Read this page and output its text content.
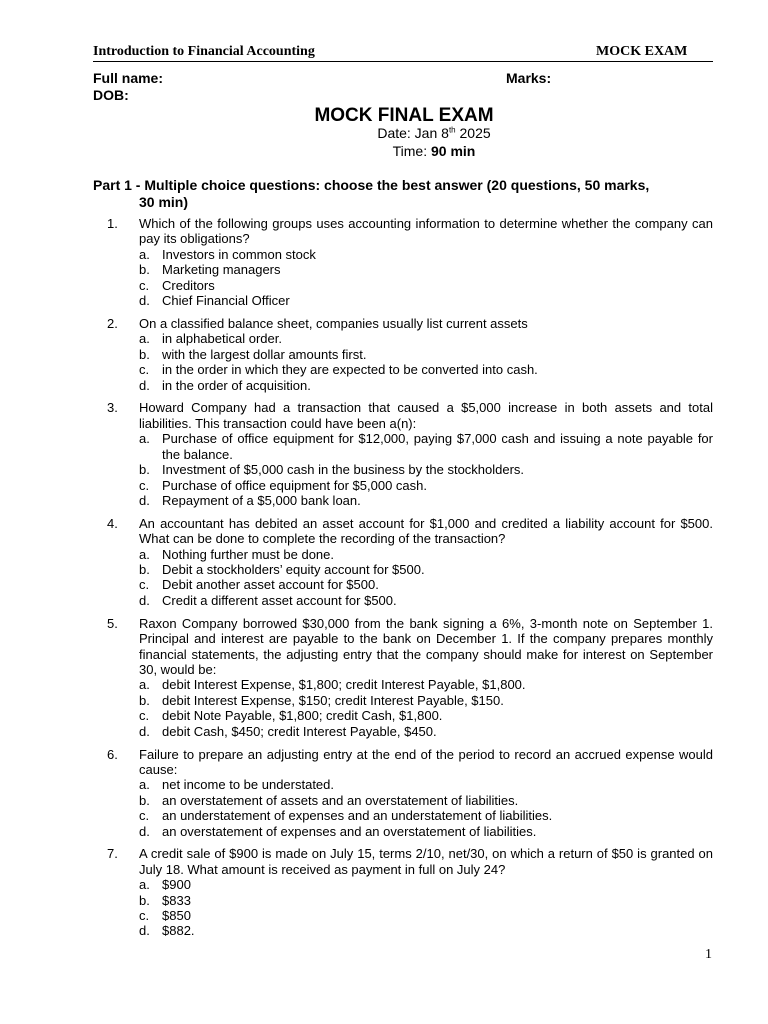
Introduction to Financial Accounting	MOCK EXAM
Full name:	Marks:
DOB:
MOCK FINAL EXAM
Date: Jan 8th 2025
Time: 90 min
Part 1 - Multiple choice questions: choose the best answer (20 questions, 50 marks,
30 min)
1. Which of the following groups uses accounting information to determine whether the company can pay its obligations?
a. Investors in common stock
b. Marketing managers
c. Creditors
d. Chief Financial Officer
2. On a classified balance sheet, companies usually list current assets
a. in alphabetical order.
b. with the largest dollar amounts first.
c. in the order in which they are expected to be converted into cash.
d. in the order of acquisition.
3. Howard Company had a transaction that caused a $5,000 increase in both assets and total liabilities. This transaction could have been a(n):
a. Purchase of office equipment for $12,000, paying $7,000 cash and issuing a note payable for the balance.
b. Investment of $5,000 cash in the business by the stockholders.
c. Purchase of office equipment for $5,000 cash.
d. Repayment of a $5,000 bank loan.
4. An accountant has debited an asset account for $1,000 and credited a liability account for $500. What can be done to complete the recording of the transaction?
a. Nothing further must be done.
b. Debit a stockholders’ equity account for $500.
c. Debit another asset account for $500.
d. Credit a different asset account for $500.
5. Raxon Company borrowed $30,000 from the bank signing a 6%, 3-month note on September 1. Principal and interest are payable to the bank on December 1. If the company prepares monthly financial statements, the adjusting entry that the company should make for interest on September 30, would be:
a. debit Interest Expense, $1,800; credit Interest Payable, $1,800.
b. debit Interest Expense, $150; credit Interest Payable, $150.
c. debit Note Payable, $1,800; credit Cash, $1,800.
d. debit Cash, $450; credit Interest Payable, $450.
6. Failure to prepare an adjusting entry at the end of the period to record an accrued expense would cause:
a. net income to be understated.
b. an overstatement of assets and an overstatement of liabilities.
c. an understatement of expenses and an understatement of liabilities.
d. an overstatement of expenses and an overstatement of liabilities.
7. A credit sale of $900 is made on July 15, terms 2/10, net/30, on which a return of $50 is granted on July 18. What amount is received as payment in full on July 24?
a. $900
b. $833
c. $850
d. $882.
1
